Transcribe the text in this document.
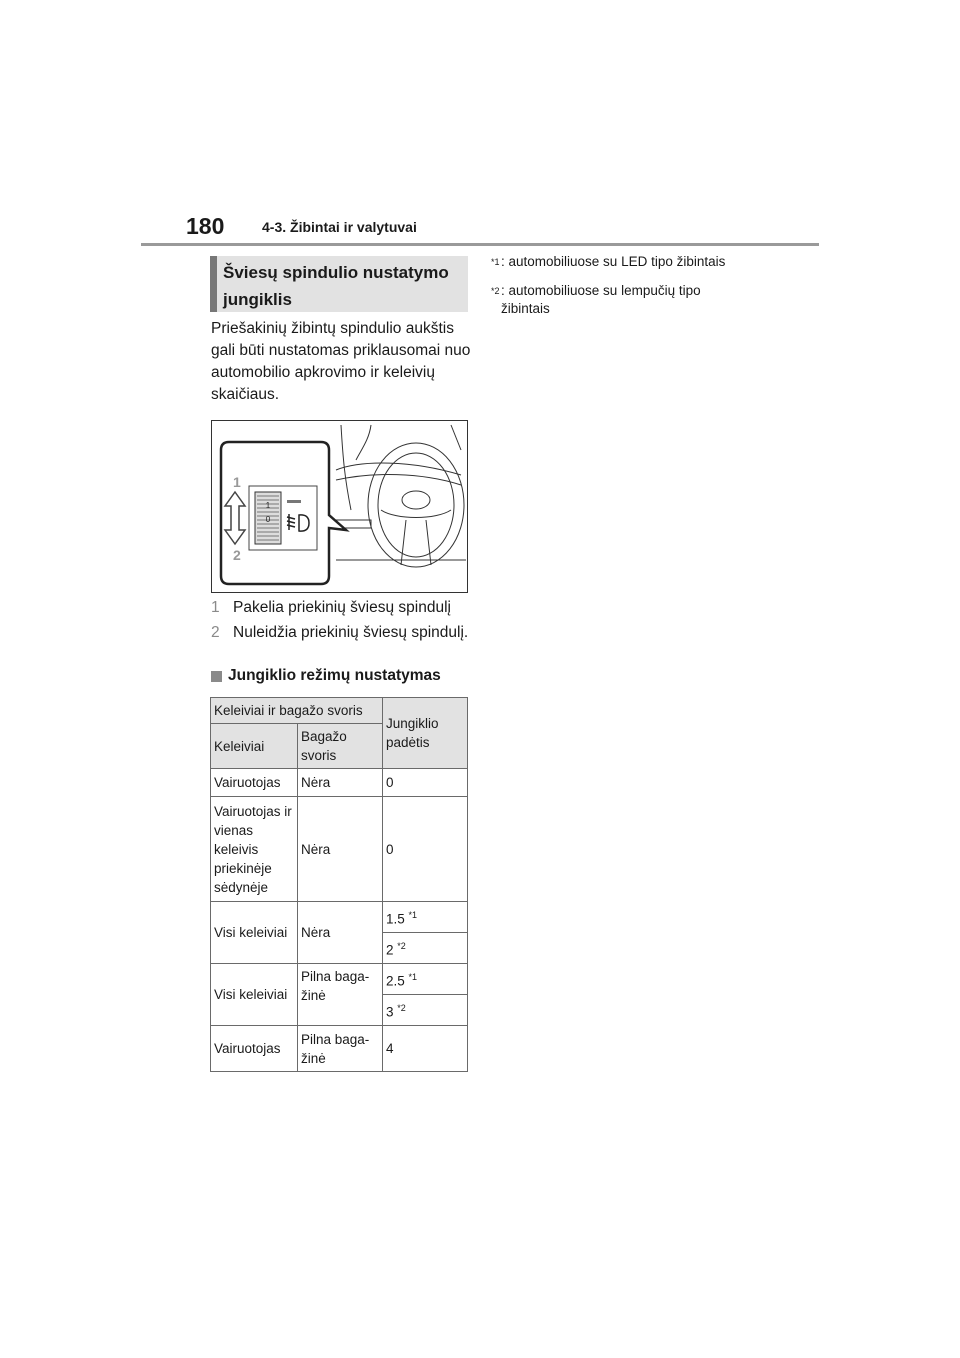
180	4-3. Žibintai ir valytuvai
Šviesų spindulio nustatymo jungiklis
Priešakinių žibintų spindulio aukštis gali būti nustatomas priklausomai nuo automobilio apkrovimo ir keleivių skaičiaus.
1
0
1
2
1 Pakelia priekinių šviesų spindulį
2 Nuleidžia priekinių šviesų spindulį.
Jungiklio režimų nustatymas
Keleiviai ir bagažo svoris		Jungiklio padėtis
Keleiviai	Bagažo svoris	
Vairuotojas	Nėra	0
Vairuotojas ir vienas keleivis priekinėje sėdynėje	Nėra	0
Visi keleiviai	Nėra	1.5 $^{*1}$
		2 $^{*2}$
Visi keleiviai	Pilna baga-žinė	2.5 $^{*1}$
		3 $^{*2}$
Vairuotojas	Pilna baga-žinė	4
$^{*1}$ : automobiliuose su LED tipo žibintais
$^{*2}$ : automobiliuose su lempučių tipo žibintais
